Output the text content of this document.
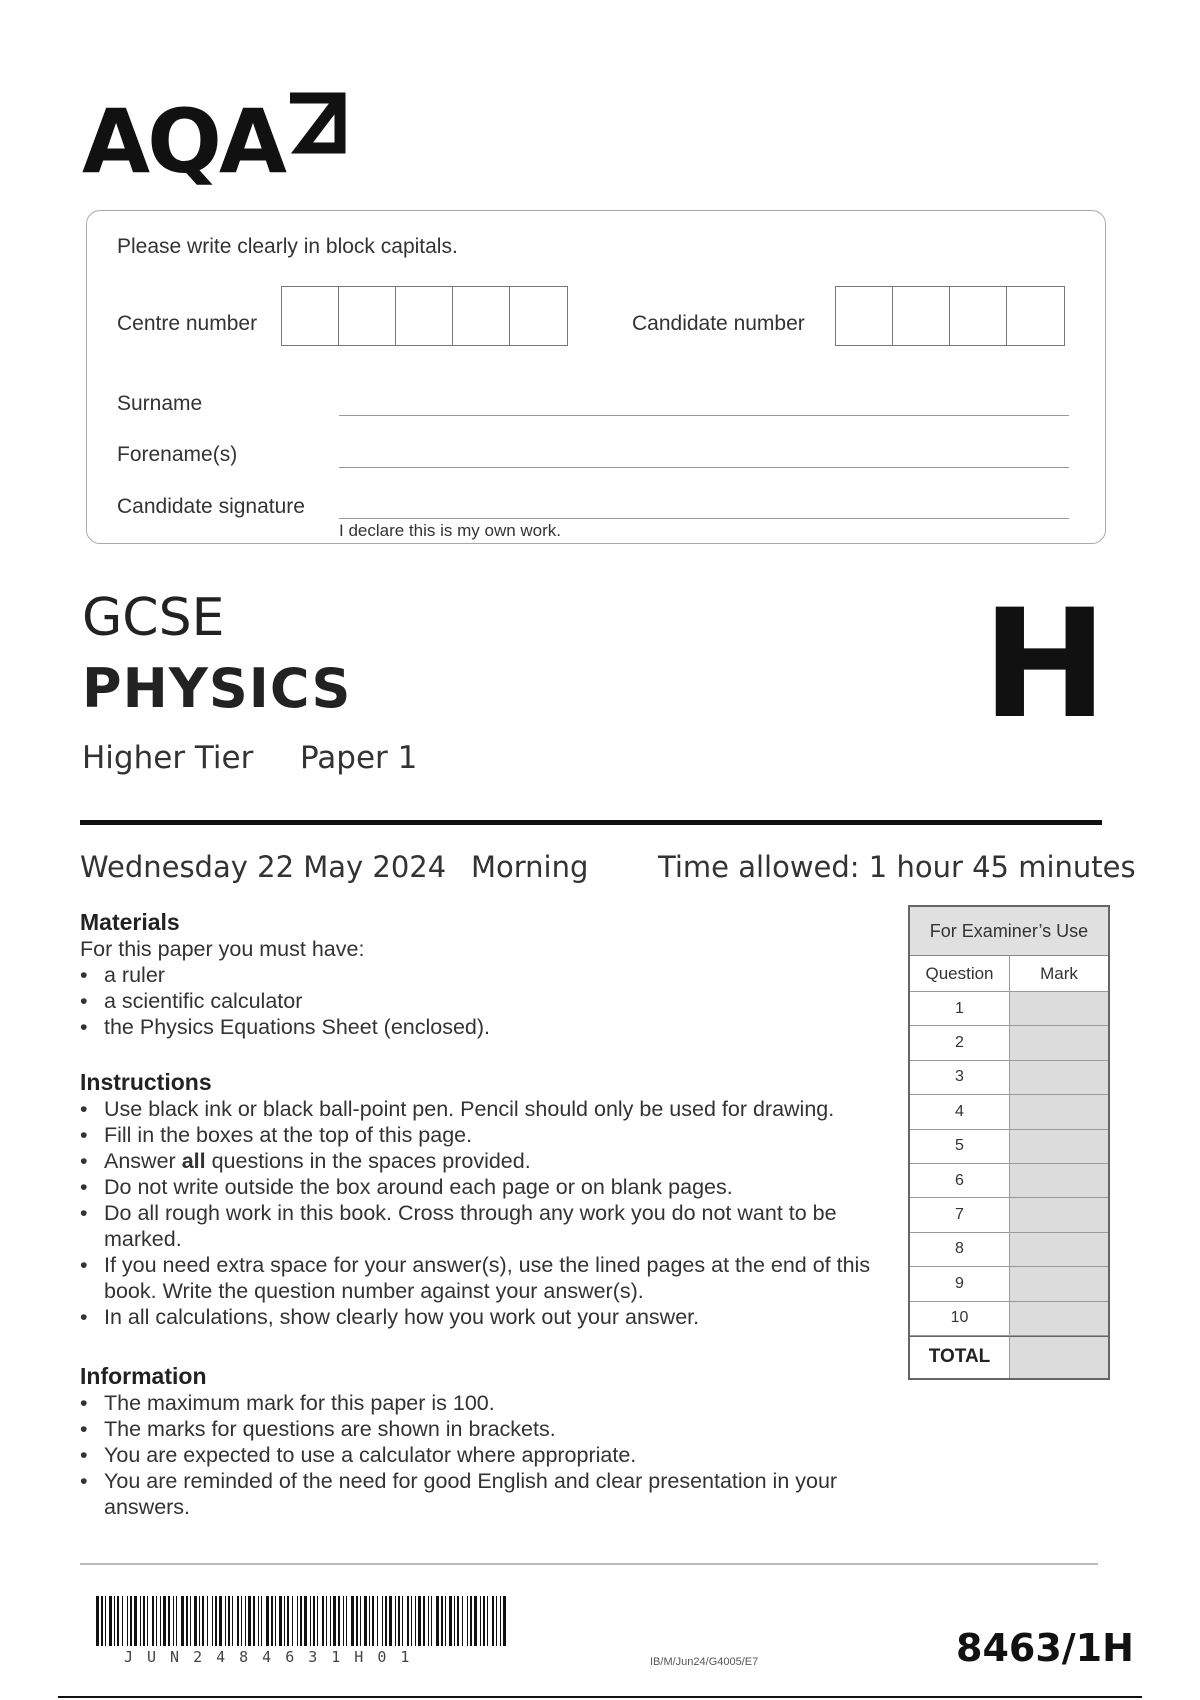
AQA
Please write clearly in block capitals.
Centre number	Candidate number
Surname
Forename(s)
Candidate signature
I declare this is my own work.
GCSE
PHYSICS
Higher Tier Paper 1
H
Wednesday 22 May 2024 Morning Time allowed: 1 hour 45 minutes
Materials
For this paper you must have:
• a ruler
• a scientific calculator
• the Physics Equations Sheet (enclosed).
Instructions
• Use black ink or black ball-point pen. Pencil should only be used for drawing.
• Fill in the boxes at the top of this page.
• Answer all questions in the spaces provided.
• Do not write outside the box around each page or on blank pages.
• Do all rough work in this book. Cross through any work you do not want to be marked.
• If you need extra space for your answer(s), use the lined pages at the end of this book. Write the question number against your answer(s).
• In all calculations, show clearly how you work out your answer.
Information
• The maximum mark for this paper is 100.
• The marks for questions are shown in brackets.
• You are expected to use a calculator where appropriate.
• You are reminded of the need for good English and clear presentation in your answers.
For Examiner’s Use
Question	Mark
1
2
3
4
5
6
7
8
9
10
TOTAL
JUN2484631H01	IB/M/Jun24/G4005/E7	8463/1H
